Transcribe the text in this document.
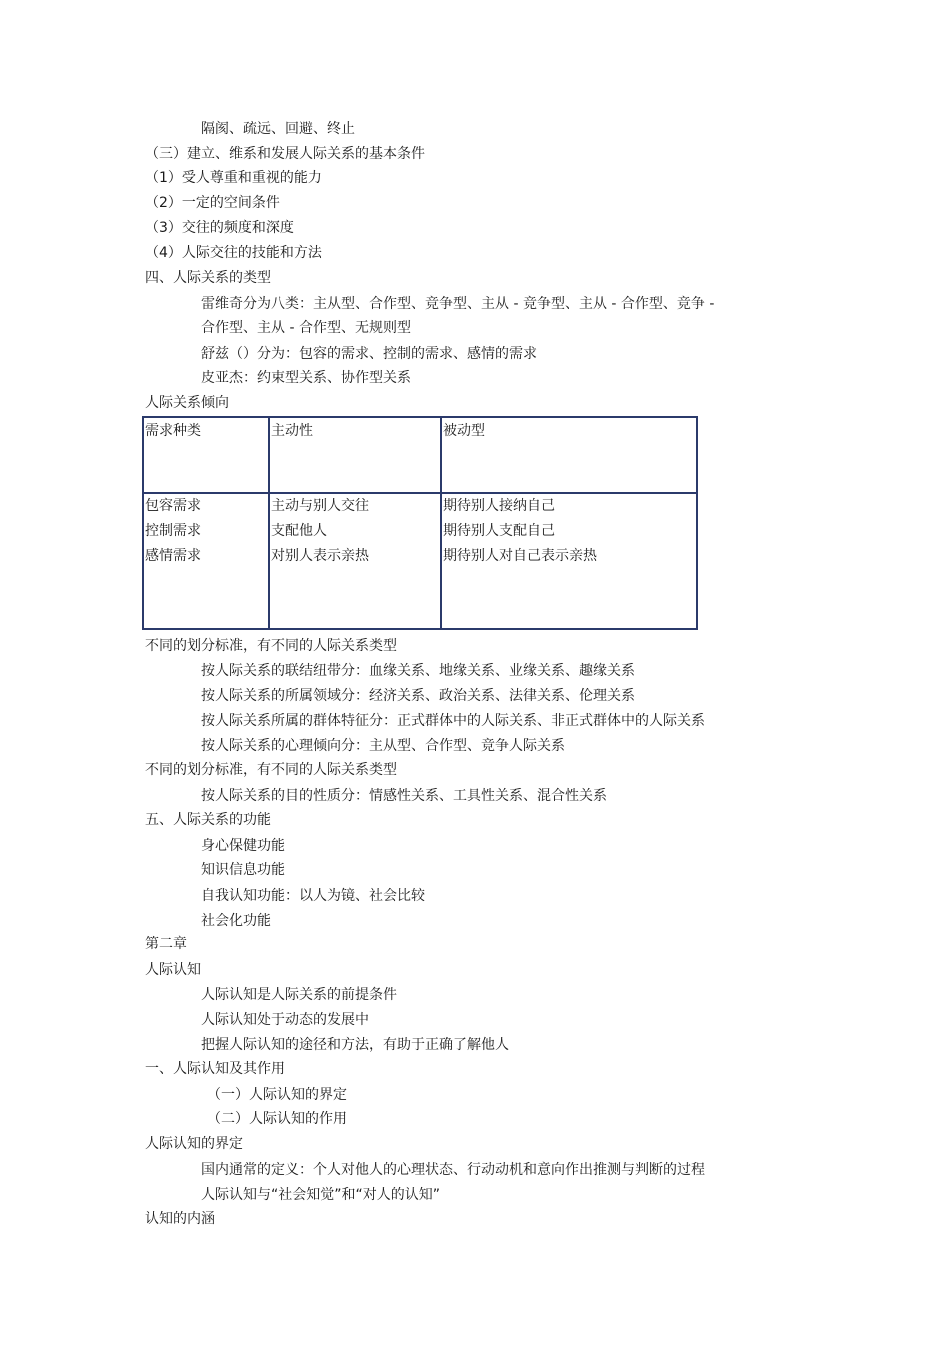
隔阂、疏远、回避、终止
（三）建立、维系和发展人际关系的基本条件
（1）受人尊重和重视的能力
（2）一定的空间条件
（3）交往的频度和深度
（4）人际交往的技能和方法
四、人际关系的类型
雷维奇分为八类：主从型、合作型、竞争型、主从 - 竞争型、主从 - 合作型、竞争 -
合作型、主从 - 合作型、无规则型
舒兹（）分为：包容的需求、控制的需求、感情的需求
皮亚杰：约束型关系、协作型关系
人际关系倾向
需求种类	主动性	被动型
包容需求
控制需求
感情需求
主动与别人交往
支配他人
对别人表示亲热
期待别人接纳自己
期待别人支配自己
期待别人对自己表示亲热
不同的划分标准，有不同的人际关系类型
按人际关系的联结纽带分：血缘关系、地缘关系、业缘关系、趣缘关系
按人际关系的所属领域分：经济关系、政治关系、法律关系、伦理关系
按人际关系所属的群体特征分：正式群体中的人际关系、非正式群体中的人际关系
按人际关系的心理倾向分：主从型、合作型、竞争人际关系
不同的划分标准，有不同的人际关系类型
按人际关系的目的性质分：情感性关系、工具性关系、混合性关系
五、人际关系的功能
身心保健功能
知识信息功能
自我认知功能：以人为镜、社会比较
社会化功能
第二章
人际认知
人际认知是人际关系的前提条件
人际认知处于动态的发展中
把握人际认知的途径和方法，有助于正确了解他人
一、人际认知及其作用
（一）人际认知的界定
（二）人际认知的作用
人际认知的界定
国内通常的定义：个人对他人的心理状态、行动动机和意向作出推测与判断的过程
人际认知与“社会知觉”和“对人的认知”
认知的内涵
